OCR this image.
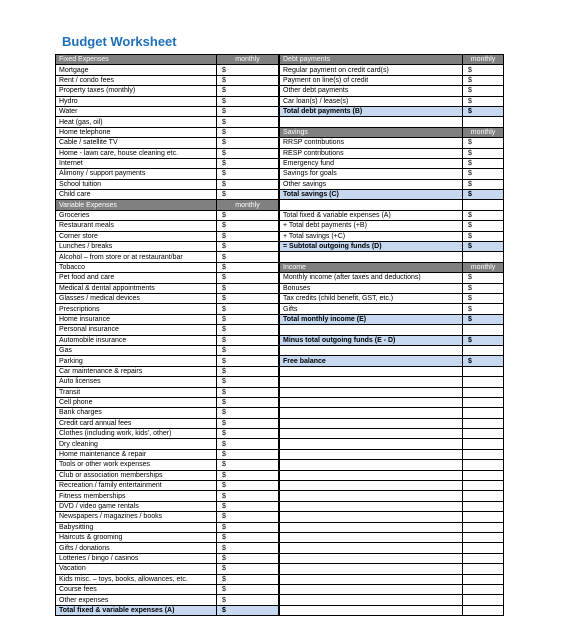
Budget Worksheet
Fixed Expenses	monthly
Mortgage	$
Rent / condo fees	$
Property taxes (monthly)	$
Hydro	$
Water	$
Heat (gas, oil)	$
Home telephone	$
Cable / satellite TV	$
Home - lawn care, house cleaning etc.	$
Internet	$
Alimony / support payments	$
School tuition	$
Child care	$
Variable Expenses	monthly
Groceries	$
Restaurant meals	$
Corner store	$
Lunches / breaks	$
Alcohol – from store or at restaurant/bar	$
Tobacco	$
Pet food and care	$
Medical & dental appointments	$
Glasses / medical devices	$
Prescriptions	$
Home insurance	$
Personal insurance	$
Automobile insurance	$
Gas	$
Parking	$
Car maintenance & repairs	$
Auto licenses	$
Transit	$
Cell phone	$
Bank charges	$
Credit card annual fees	$
Clothes (including work, kids’, other)	$
Dry cleaning	$
Home maintenance & repair	$
Tools or other work expenses	$
Club or association memberships	$
Recreation / family entertainment	$
Fitness memberships	$
DVD / video game rentals	$
Newspapers / magazines / books	$
Babysitting	$
Haircuts & grooming	$
Gifts / donations	$
Lotteries / bingo / casinos	$
Vacation	$
Kids misc. – toys, books, allowances, etc.	$
Course fees	$
Other expenses	$
Total fixed & variable expenses (A)	$
Debt payments	monthly
Regular payment on credit card(s)	$
Payment on line(s) of credit	$
Other debt payments	$
Car loan(s) / lease(s)	$
Total debt payments (B)	$

Savings	monthly
RRSP contributions	$
RESP contributions	$
Emergency fund	$
Savings for goals	$
Other savings	$
Total savings (C)	$

Total fixed & variable expenses (A)	$
+ Total debt payments (+B)	$
+ Total savings (+C)	$
= Subtotal outgoing funds (D)	$

Income	monthly
Monthly income (after taxes and deductions)	$
Bonuses	$
Tax credits (child benefit, GST, etc.)	$
Gifts	$
Total monthly income (E)	$

Minus total outgoing funds (E - D)	$

Free balance	$
